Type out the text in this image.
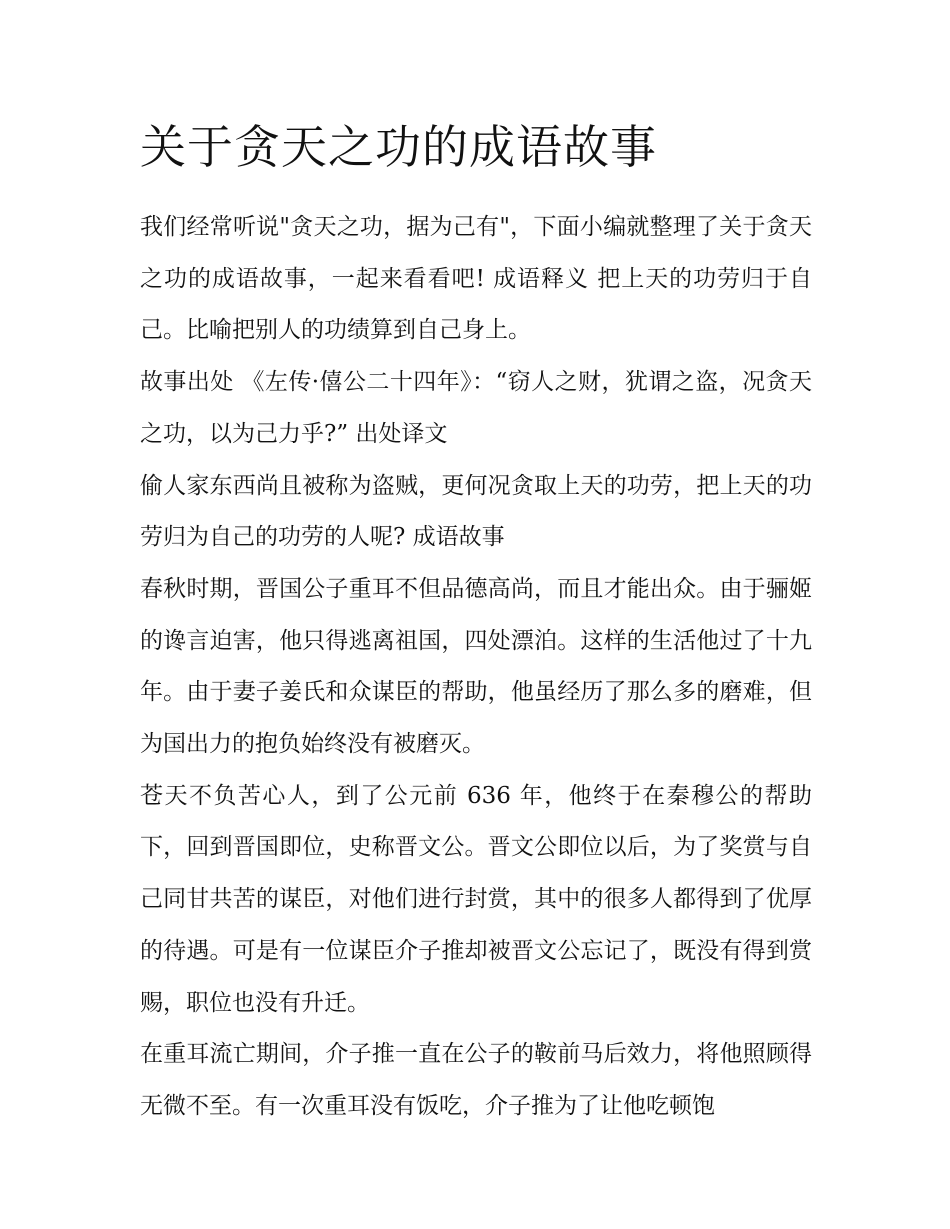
关于贪天之功的成语故事

我们经常听说"贪天之功，据为己有"，下面小编就整理了关于贪天之功的成语故事，一起来看看吧! 成语释义 把上天的功劳归于自己。比喻把别人的功绩算到自己身上。

故事出处 《左传·僖公二十四年》：“窃人之财，犹谓之盗，况贪天之功，以为己力乎?” 出处译文

偷人家东西尚且被称为盗贼，更何况贪取上天的功劳，把上天的功劳归为自己的功劳的人呢? 成语故事

春秋时期，晋国公子重耳不但品德高尚，而且才能出众。由于骊姬的谗言迫害，他只得逃离祖国，四处漂泊。这样的生活他过了十九年。由于妻子姜氏和众谋臣的帮助，他虽经历了那么多的磨难，但为国出力的抱负始终没有被磨灭。

苍天不负苦心人，到了公元前 636 年，他终于在秦穆公的帮助下，回到晋国即位，史称晋文公。晋文公即位以后，为了奖赏与自己同甘共苦的谋臣，对他们进行封赏，其中的很多人都得到了优厚的待遇。可是有一位谋臣介子推却被晋文公忘记了，既没有得到赏赐，职位也没有升迁。

在重耳流亡期间，介子推一直在公子的鞍前马后效力，将他照顾得无微不至。有一次重耳没有饭吃，介子推为了让他吃顿饱
